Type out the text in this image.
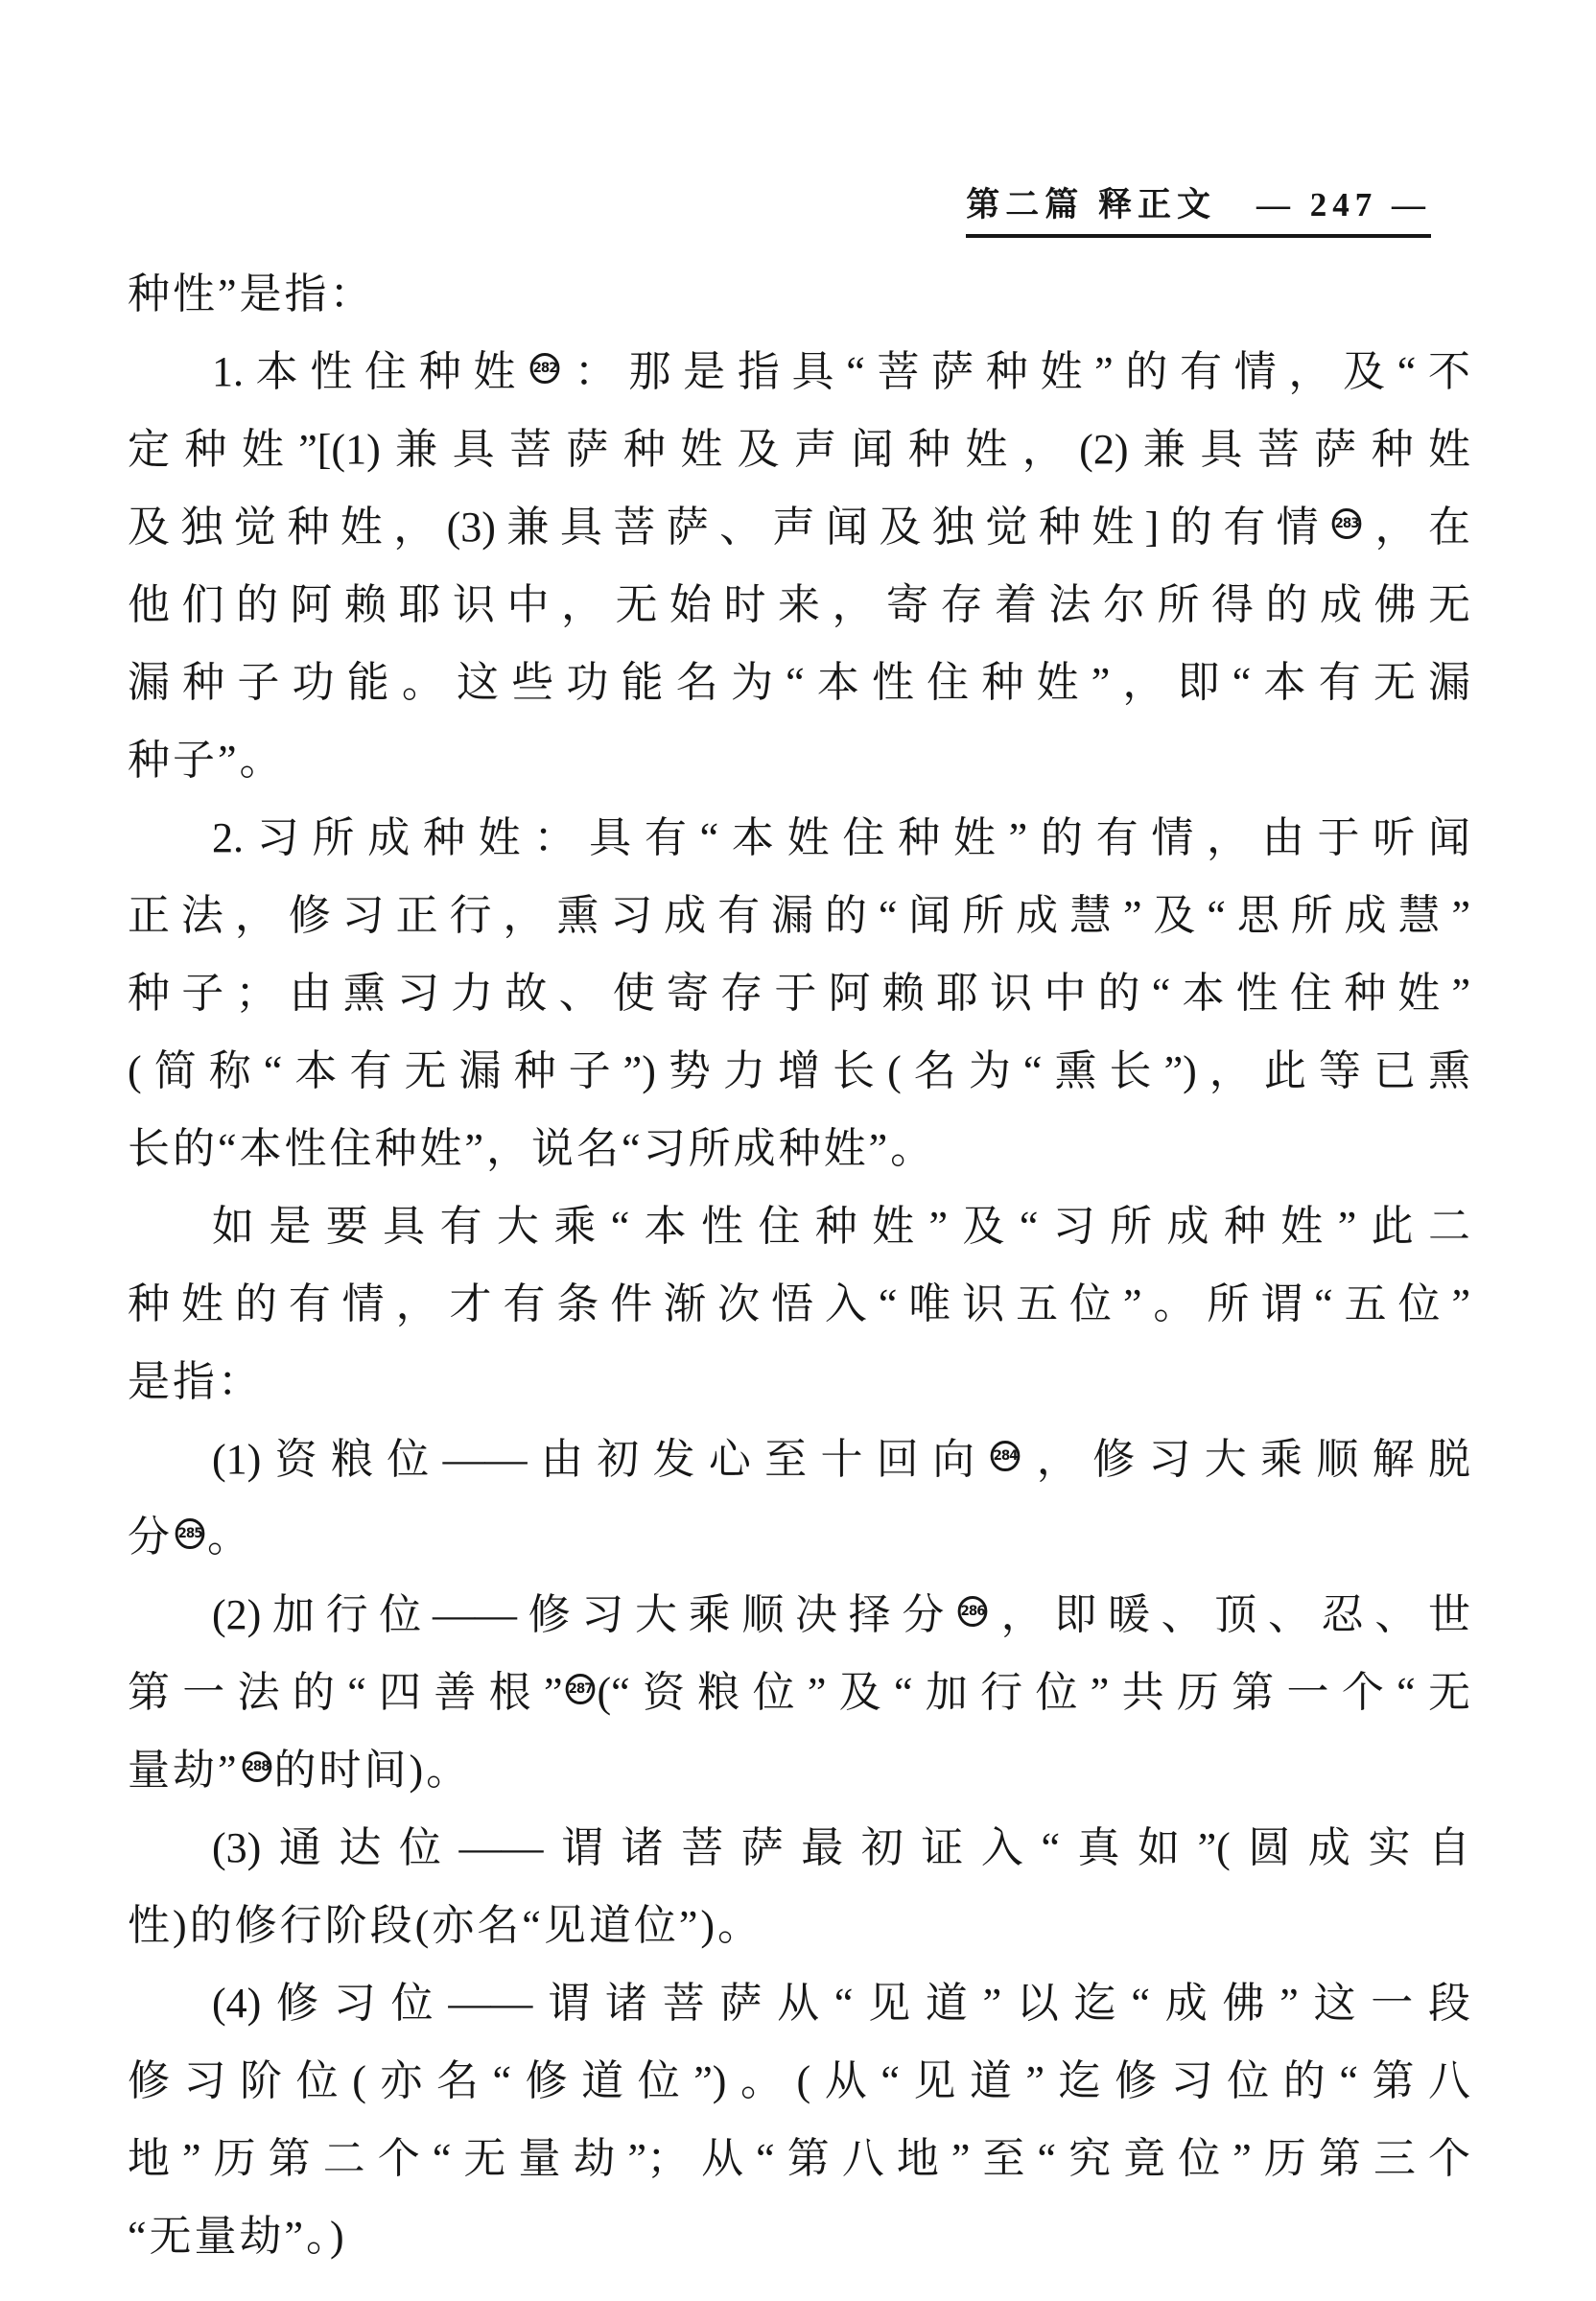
第二篇 释正文 — 247 —
种性”是指：
1.本性住种姓 282 ：那是指具“菩萨种姓”的有情，及“不
定种姓”[(1)兼具菩萨种姓及声闻种姓，(2)兼具菩萨种姓
及独觉种姓，(3)兼具菩萨、声闻及独觉种姓]的有情 283 ，在
他们的阿赖耶识中，无始时来，寄存着法尔所得的成佛无
漏种子功能。这些功能名为“本性住种姓”，即“本有无漏
种子”。
2.习所成种姓：具有“本姓住种姓”的有情，由于听闻
正法，修习正行，熏习成有漏的“闻所成慧”及“思所成慧”
种子；由熏习力故、使寄存于阿赖耶识中的“本性住种姓”
(简称“本有无漏种子”)势力增长(名为“熏长”)，此等已熏
长的“本性住种姓”，说名“习所成种姓”。
如是要具有大乘“本性住种姓”及“习所成种姓”此二
种姓的有情，才有条件渐次悟入“唯识五位”。所谓“五位”
是指：
(1)资粮位——由初发心至十回向 284 ，修习大乘顺解脱
分 285 。
(2)加行位——修习大乘顺决择分 286 ，即暖、顶、忍、世
第一法的“四善根” 287 (“资粮位”及“加行位”共历第一个“无
量劫” 288 的时间)。
(3)通达位——谓诸菩萨最初证入“真如”(圆成实自
性)的修行阶段(亦名“见道位”)。
(4)修习位——谓诸菩萨从“见道”以迄“成佛”这一段
修习阶位(亦名“修道位”)。(从“见道”迄修习位的“第八
地”历第二个“无量劫”；从“第八地”至“究竟位”历第三个
“无量劫”。)
